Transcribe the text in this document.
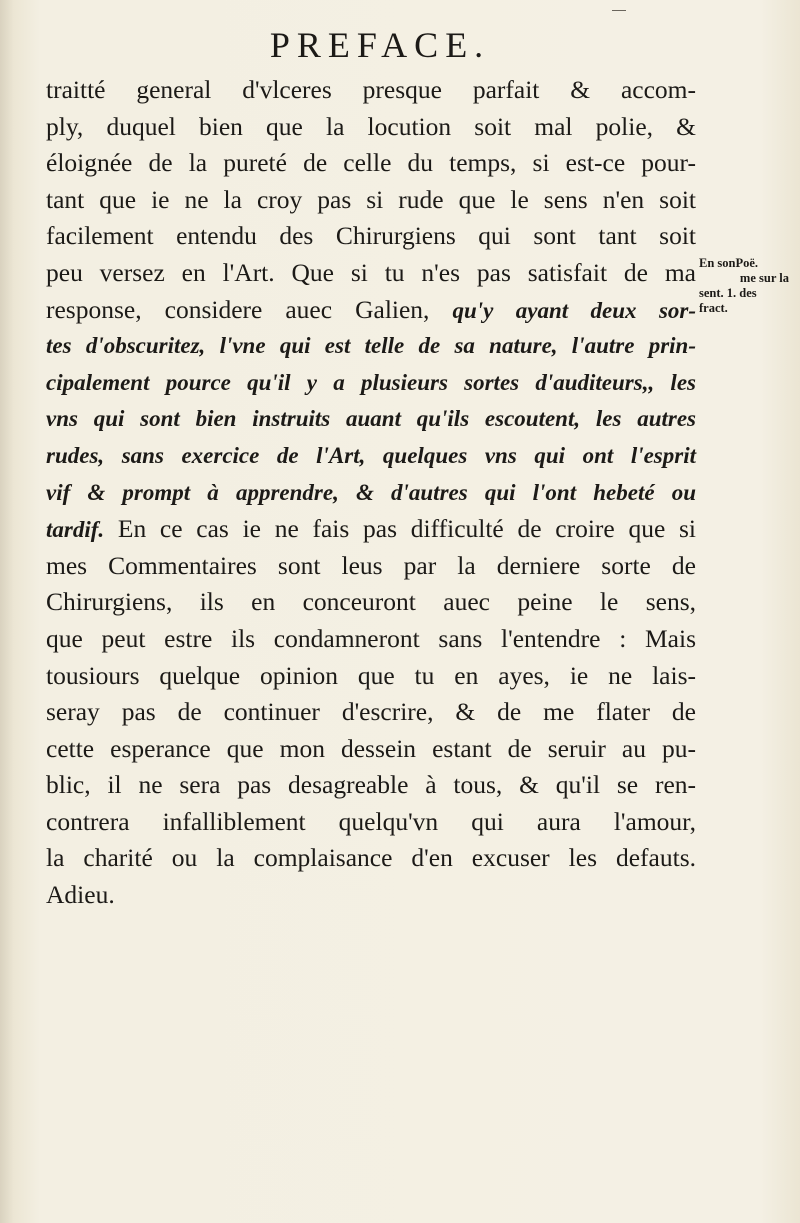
PREFACE.
traitté general d'vlceres presque parfait & accom-
ply, duquel bien que la locution soit mal polie, &
éloignée de la pureté de celle du temps, si est-ce pour-
tant que ie ne la croy pas si rude que le sens n'en soit
facilement entendu des Chirurgiens qui sont tant soit
peu versez en l'Art. Que si tu n'es pas satisfait de ma
response, considere auec Galien, qu'y ayant deux sor-
tes d'obscuritez, l'vne qui est telle de sa nature, l'autre prin-
cipalement pource qu'il y a plusieurs sortes d'auditeurs,, les
vns qui sont bien instruits auant qu'ils escoutent, les autres
rudes, sans exercice de l'Art, quelques vns qui ont l'esprit
vif & prompt à apprendre, & d'autres qui l'ont hebeté ou
tardif. En ce cas ie ne fais pas difficulté de croire que si
mes Commentaires sont leus par la derniere sorte de
Chirurgiens, ils en conceuront auec peine le sens,
que peut estre ils condamneront sans l'entendre : Mais
tousiours quelque opinion que tu en ayes, ie ne lais-
seray pas de continuer d'escrire, & de me flater de
cette esperance que mon dessein estant de seruir au pu-
blic, il ne sera pas desagreable à tous, & qu'il se ren-
contrera infalliblement quelqu'vn qui aura l'amour,
la charité ou la complaisance d'en excuser les defauts.
Adieu.
En sonPoë.
me sur la
sent. 1. des
fract.
